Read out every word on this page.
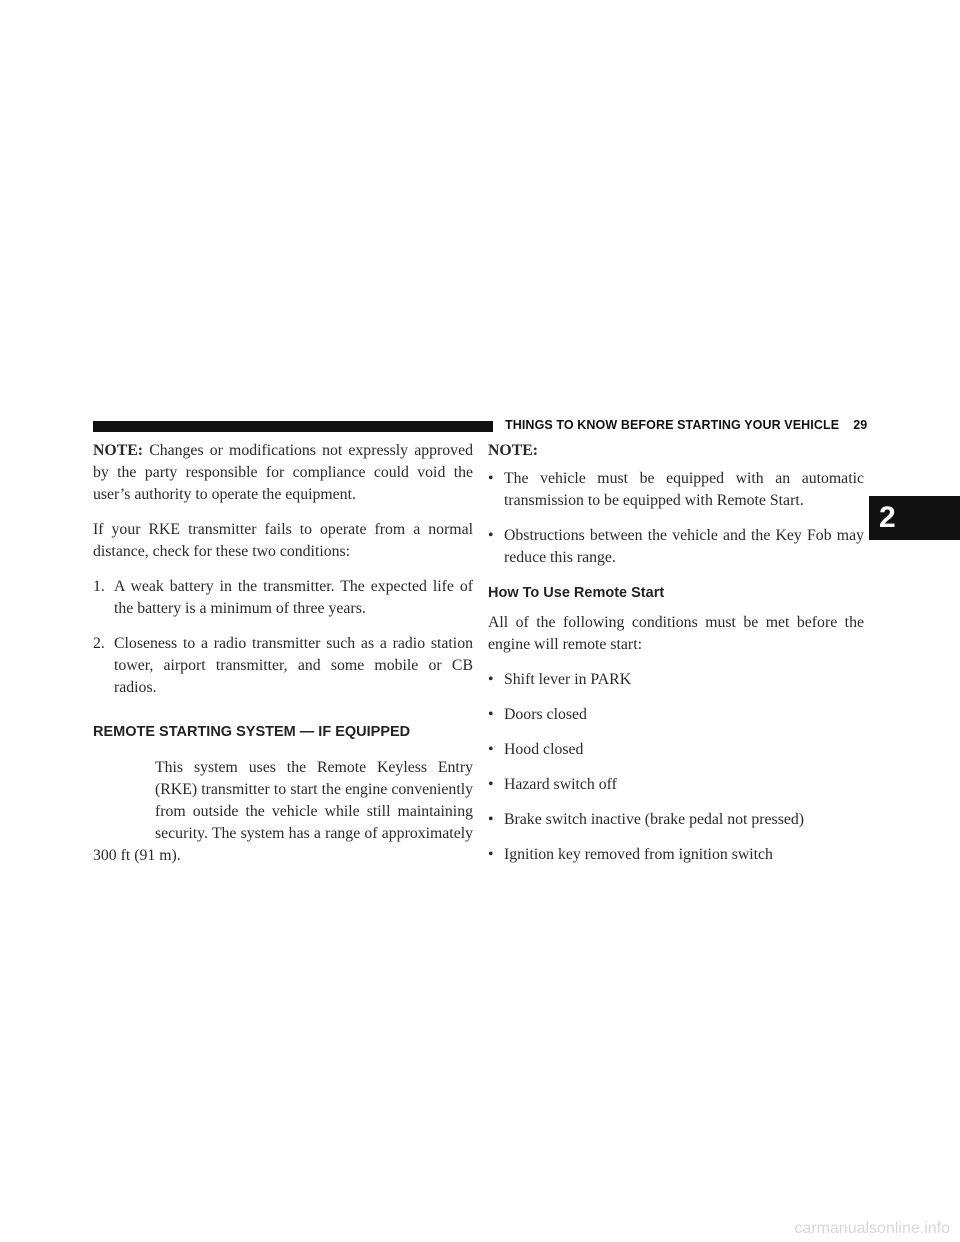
THINGS TO KNOW BEFORE STARTING YOUR VEHICLE 29
2

NOTE: Changes or modifications not expressly approved by the party responsible for compliance could void the user’s authority to operate the equipment.

If your RKE transmitter fails to operate from a normal distance, check for these two conditions:

1. A weak battery in the transmitter. The expected life of the battery is a minimum of three years.
2. Closeness to a radio transmitter such as a radio station tower, airport transmitter, and some mobile or CB radios.
REMOTE STARTING SYSTEM — IF EQUIPPED

This system uses the Remote Keyless Entry (RKE) transmitter to start the engine conveniently from outside the vehicle while still maintaining security. The system has a range of approximately 300 ft (91 m).

NOTE:

• The vehicle must be equipped with an automatic transmission to be equipped with Remote Start.
• Obstructions between the vehicle and the Key Fob may reduce this range.
How To Use Remote Start

All of the following conditions must be met before the engine will remote start:

• Shift lever in PARK
• Doors closed
• Hood closed
• Hazard switch off
• Brake switch inactive (brake pedal not pressed)
• Ignition key removed from ignition switch
carmanualsonline.info
